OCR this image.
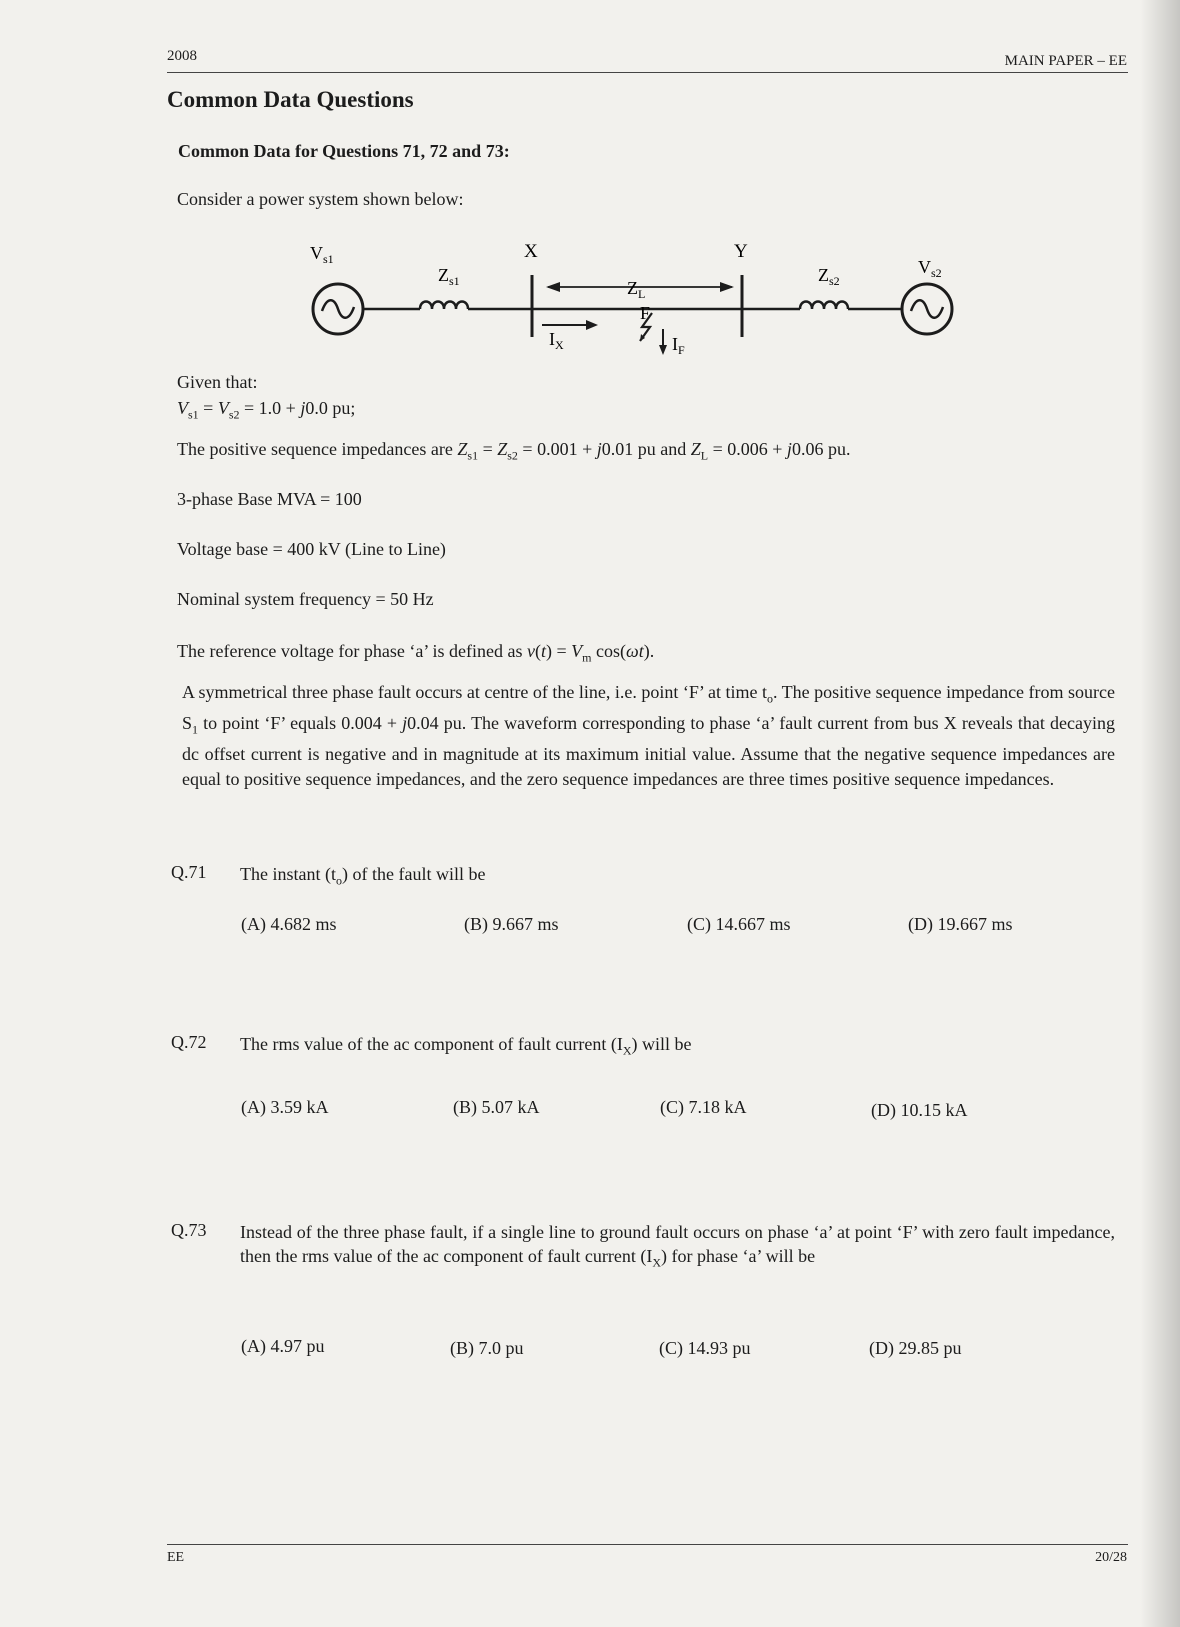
2008	MAIN PAPER – EE
Common Data Questions
Common Data for Questions 71, 72 and 73:
Consider a power system shown below:
$V_{s1}$	$V_{s2}$
X	Y
$Z_{s1}$	$Z_{s2}$
$Z_L$
F
$I_X$	$I_F$
Given that:
$V_{s1} = V_{s2} = 1.0 + j0.0$ pu;
The positive sequence impedances are $Z_{s1} = Z_{s2} = 0.001 + j0.01$ pu and $Z_L = 0.006 + j0.06$ pu.
3-phase Base MVA = 100
Voltage base = 400 kV (Line to Line)
Nominal system frequency = 50 Hz
The reference voltage for phase ‘a’ is defined as $v(t) = V_m$ cos(ωt).
A symmetrical three phase fault occurs at centre of the line, i.e. point ‘F’ at time $t_o$. The positive sequence impedance from source $S_1$ to point ‘F’ equals 0.004 + j0.04 pu. The waveform corresponding to phase ‘a’ fault current from bus X reveals that decaying dc offset current is negative and in magnitude at its maximum initial value. Assume that the negative sequence impedances are equal to positive sequence impedances, and the zero sequence impedances are three times positive sequence impedances.
Q.71 The instant $(t_o)$ of the fault will be
(A) 4.682 ms	(B) 9.667 ms	(C) 14.667 ms	(D) 19.667 ms
Q.72 The rms value of the ac component of fault current $(I_X)$ will be
(A) 3.59 kA	(B) 5.07 kA	(C) 7.18 kA	(D) 10.15 kA
Q.73 Instead of the three phase fault, if a single line to ground fault occurs on phase ‘a’ at point ‘F’ with zero fault impedance, then the rms value of the ac component of fault current $(I_X)$ for phase ‘a’ will be
(A) 4.97 pu	(B) 7.0 pu	(C) 14.93 pu	(D) 29.85 pu
EE	20/28
